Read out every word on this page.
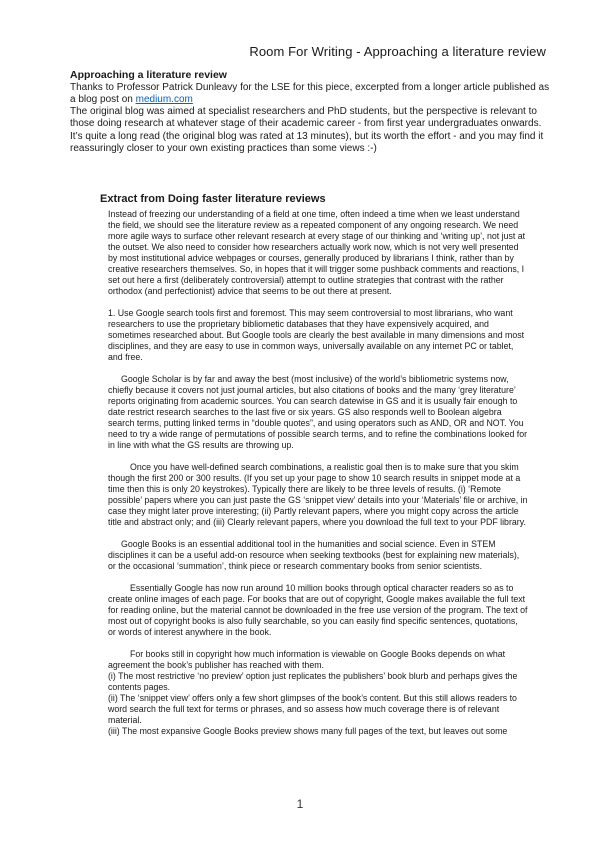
Room For Writing - Approaching a literature review
Approaching a literature review

Thanks to Professor Patrick Dunleavy for the LSE for this piece, excerpted from a longer article published as a blog post on medium.com

The original blog was aimed at specialist researchers and PhD students, but the perspective is relevant to those doing research at whatever stage of their academic career - from first year undergraduates onwards.

It’s quite a long read (the original blog was rated at 13 minutes), but its worth the effort - and you may find it reassuringly closer to your own existing practices than some views :-)

Extract from Doing faster literature reviews

Instead of freezing our understanding of a field at one time, often indeed a time when we least understand the field, we should see the literature review as a repeated component of any ongoing research. We need more agile ways to surface other relevant research at every stage of our thinking and ‘writing up’, not just at the outset. We also need to consider how researchers actually work now, which is not very well presented by most institutional advice webpages or courses, generally produced by librarians I think, rather than by creative researchers themselves. So, in hopes that it will trigger some pushback comments and reactions, I set out here a first (deliberately controversial) attempt to outline strategies that contrast with the rather orthodox (and perfectionist) advice that seems to be out there at present.

1. Use Google search tools first and foremost. This may seem controversial to most librarians, who want researchers to use the proprietary bibliometic databases that they have expensively acquired, and sometimes researched about. But Google tools are clearly the best available in many dimensions and most disciplines, and they are easy to use in common ways, universally available on any internet PC or tablet, and free.

Google Scholar is by far and away the best (most inclusive) of the world’s bibliometric systems now, chiefly because it covers not just journal articles, but also citations of books and the many ‘grey literature’ reports originating from academic sources. You can search datewise in GS and it is usually fair enough to date restrict research searches to the last five or six years. GS also responds well to Boolean algebra search terms, putting linked terms in “double quotes”, and using operators such as AND, OR and NOT. You need to try a wide range of permutations of possible search terms, and to refine the combinations looked for in line with what the GS results are throwing up.

Once you have well-defined search combinations, a realistic goal then is to make sure that you skim though the first 200 or 300 results. (If you set up your page to show 10 search results in snippet mode at a time then this is only 20 keystrokes). Typically there are likely to be three levels of results. (i) ‘Remote possible’ papers where you can just paste the GS ‘snippet view’ details into your ‘Materials’ file or archive, in case they might later prove interesting; (ii) Partly relevant papers, where you might copy across the article title and abstract only; and (iii) Clearly relevant papers, where you download the full text to your PDF library.

Google Books is an essential additional tool in the humanities and social science. Even in STEM disciplines it can be a useful add-on resource when seeking textbooks (best for explaining new materials), or the occasional ‘summation’, think piece or research commentary books from senior scientists.

Essentially Google has now run around 10 million books through optical character readers so as to create online images of each page. For books that are out of copyright, Google makes available the full text for reading online, but the material cannot be downloaded in the free use version of the program. The text of most out of copyright books is also fully searchable, so you can easily find specific sentences, quotations, or words of interest anywhere in the book.

For books still in copyright how much information is viewable on Google Books depends on what agreement the book’s publisher has reached with them.

(i) The most restrictive ‘no preview’ option just replicates the publishers’ book blurb and perhaps gives the contents pages.

(ii) The ‘snippet view’ offers only a few short glimpses of the book’s content. But this still allows readers to word search the full text for terms or phrases, and so assess how much coverage there is of relevant material.

(iii) The most expansive Google Books preview shows many full pages of the text, but leaves out some

1
